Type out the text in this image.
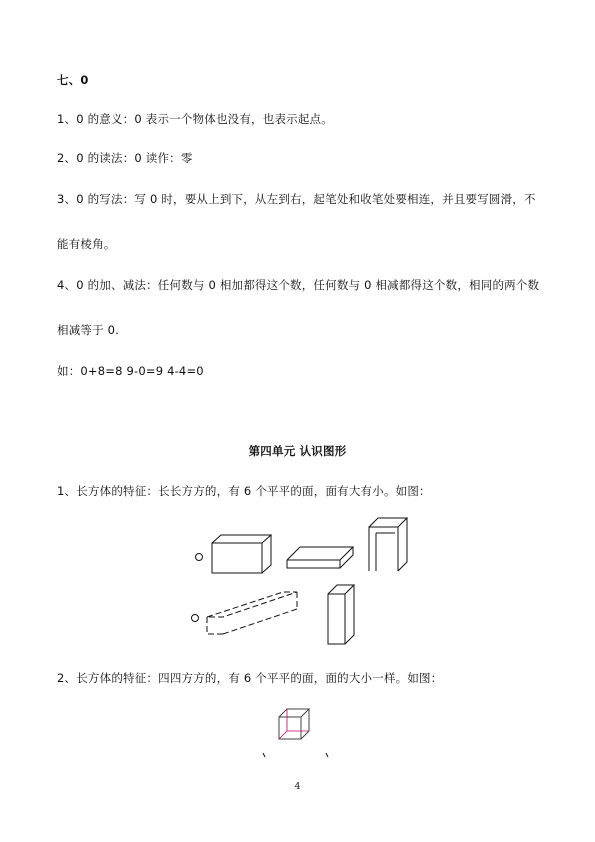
七、0
1、0 的意义：0 表示一个物体也没有，也表示起点。
2、0 的读法：0 读作：零
3、0 的写法：写 0 时，要从上到下，从左到右，起笔处和收笔处要相连，并且要写圆滑，不
能有棱角。
4、0 的加、减法：任何数与 0 相加都得这个数，任何数与 0 相减都得这个数，相同的两个数
相减等于 0.
如：0+8=8 9-0=9 4-4=0
第四单元 认识图形
1、长方体的特征：长长方方的，有 6 个平平的面，面有大有小。如图：
2、长方体的特征：四四方方的，有 6 个平平的面，面的大小一样。如图：
4
